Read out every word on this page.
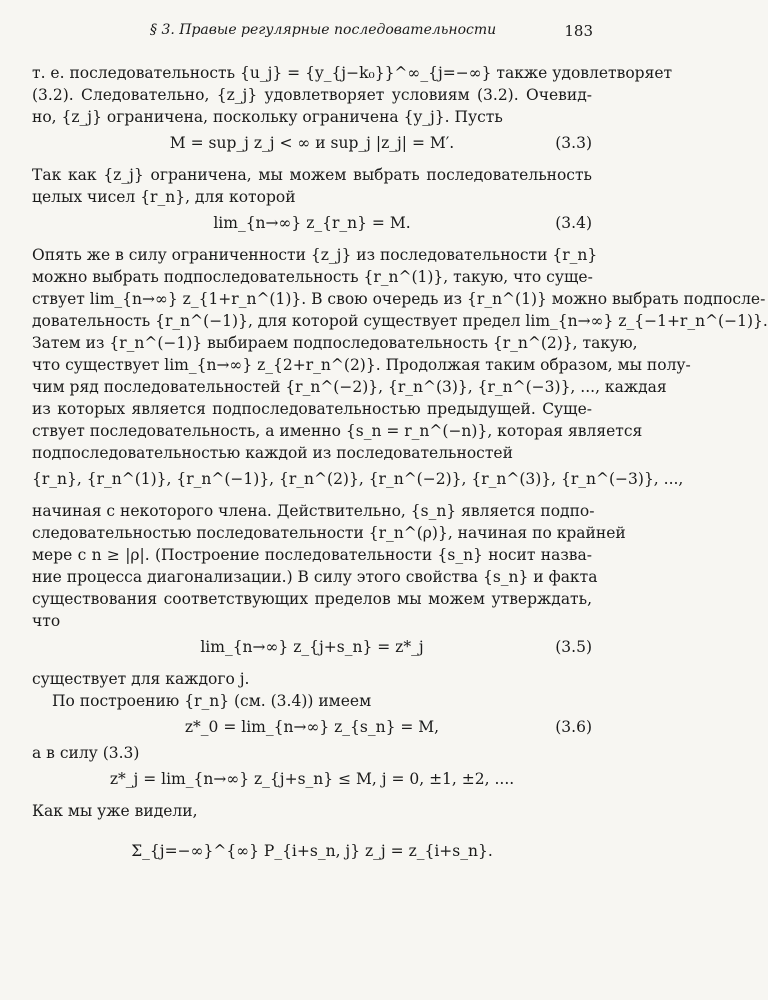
§ 3. Правые регулярные последовательности	183
т. е. последовательность {u_j} = {y_{j−k₀}}^∞_{j=−∞} также удовлетворяет
(3.2). Следовательно, {z_j} удовлетворяет условиям (3.2). Очевид-
но, {z_j} ограничена, поскольку ограничена {y_j}. Пусть
M = sup_j z_j < ∞ и sup_j |z_j| = M′.	(3.3)
Так как {z_j} ограничена, мы можем выбрать последовательность
целых чисел {r_n}, для которой
lim_{n→∞} z_{r_n} = M.	(3.4)
Опять же в силу ограниченности {z_j} из последовательности {r_n}
можно выбрать подпоследовательность {r_n^(1)}, такую, что суще-
ствует lim_{n→∞} z_{1+r_n^(1)}. В свою очередь из {r_n^(1)} можно выбрать подпосле-
довательность {r_n^(−1)}, для которой существует предел lim_{n→∞} z_{−1+r_n^(−1)}.
Затем из {r_n^(−1)} выбираем подпоследовательность {r_n^(2)}, такую,
что существует lim_{n→∞} z_{2+r_n^(2)}. Продолжая таким образом, мы полу-
чим ряд последовательностей {r_n^(−2)}, {r_n^(3)}, {r_n^(−3)}, ..., каждая
из которых является подпоследовательностью предыдущей. Суще-
ствует последовательность, а именно {s_n = r_n^(−n)}, которая является
подпоследовательностью каждой из последовательностей
{r_n}, {r_n^(1)}, {r_n^(−1)}, {r_n^(2)}, {r_n^(−2)}, {r_n^(3)}, {r_n^(−3)}, ...,
начиная с некоторого члена. Действительно, {s_n} является подпо-
следовательностью последовательности {r_n^(ρ)}, начиная по крайней
мере с n ≥ |ρ|. (Построение последовательности {s_n} носит назва-
ние процесса диагонализации.) В силу этого свойства {s_n} и факта
существования соответствующих пределов мы можем утверждать,
что
lim_{n→∞} z_{j+s_n} = z*_j	(3.5)
существует для каждого j.
По построению {r_n} (см. (3.4)) имеем
z*_0 = lim_{n→∞} z_{s_n} = M,	(3.6)
а в силу (3.3)
z*_j = lim_{n→∞} z_{j+s_n} ≤ M, j = 0, ±1, ±2, ....
Как мы уже видели,
Σ_{j=−∞}^{∞} P_{i+s_n, j} z_j = z_{i+s_n}.
